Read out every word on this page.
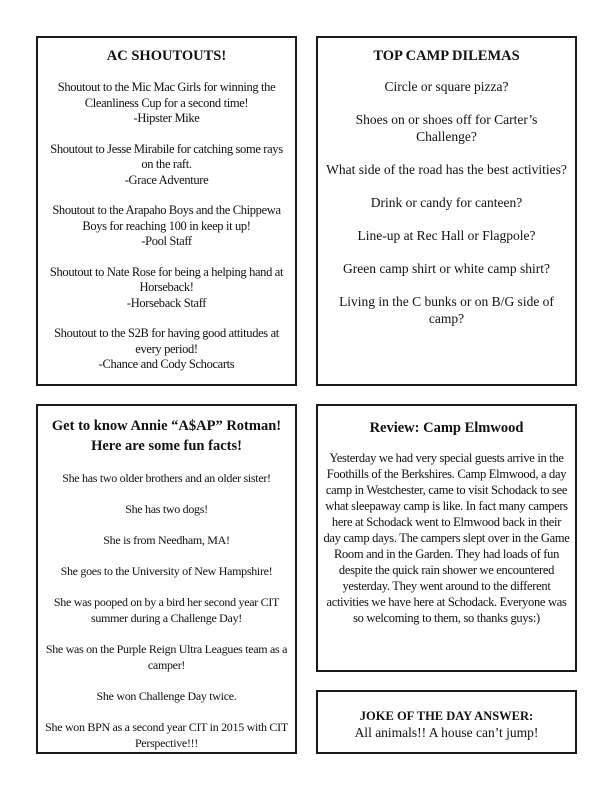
AC SHOUTOUTS!

Shoutout to the Mic Mac Girls for winning the Cleanliness Cup for a second time!
-Hipster Mike

Shoutout to Jesse Mirabile for catching some rays on the raft.
-Grace Adventure

Shoutout to the Arapaho Boys and the Chippewa Boys for reaching 100 in keep it up!
-Pool Staff

Shoutout to Nate Rose for being a helping hand at Horseback!
-Horseback Staff

Shoutout to the S2B for having good attitudes at every period!
-Chance and Cody Schocarts

TOP CAMP DILEMAS

Circle or square pizza?

Shoes on or shoes off for Carter’s Challenge?

What side of the road has the best activities?

Drink or candy for canteen?

Line-up at Rec Hall or Flagpole?

Green camp shirt or white camp shirt?

Living in the C bunks or on B/G side of camp?

Get to know Annie “A$AP” Rotman! Here are some fun facts!

She has two older brothers and an older sister!

She has two dogs!

She is from Needham, MA!

She goes to the University of New Hampshire!

She was pooped on by a bird her second year CIT summer during a Challenge Day!

She was on the Purple Reign Ultra Leagues team as a camper!

She won Challenge Day twice.

She won BPN as a second year CIT in 2015 with CIT Perspective!!!

Review: Camp Elmwood

Yesterday we had very special guests arrive in the Foothills of the Berkshires. Camp Elmwood, a day camp in Westchester, came to visit Schodack to see what sleepaway camp is like. In fact many campers here at Schodack went to Elmwood back in their day camp days. The campers slept over in the Game Room and in the Garden. They had loads of fun despite the quick rain shower we encountered yesterday. They went around to the different activities we have here at Schodack. Everyone was so welcoming to them, so thanks guys:)

JOKE OF THE DAY ANSWER:

All animals!! A house can’t jump!
